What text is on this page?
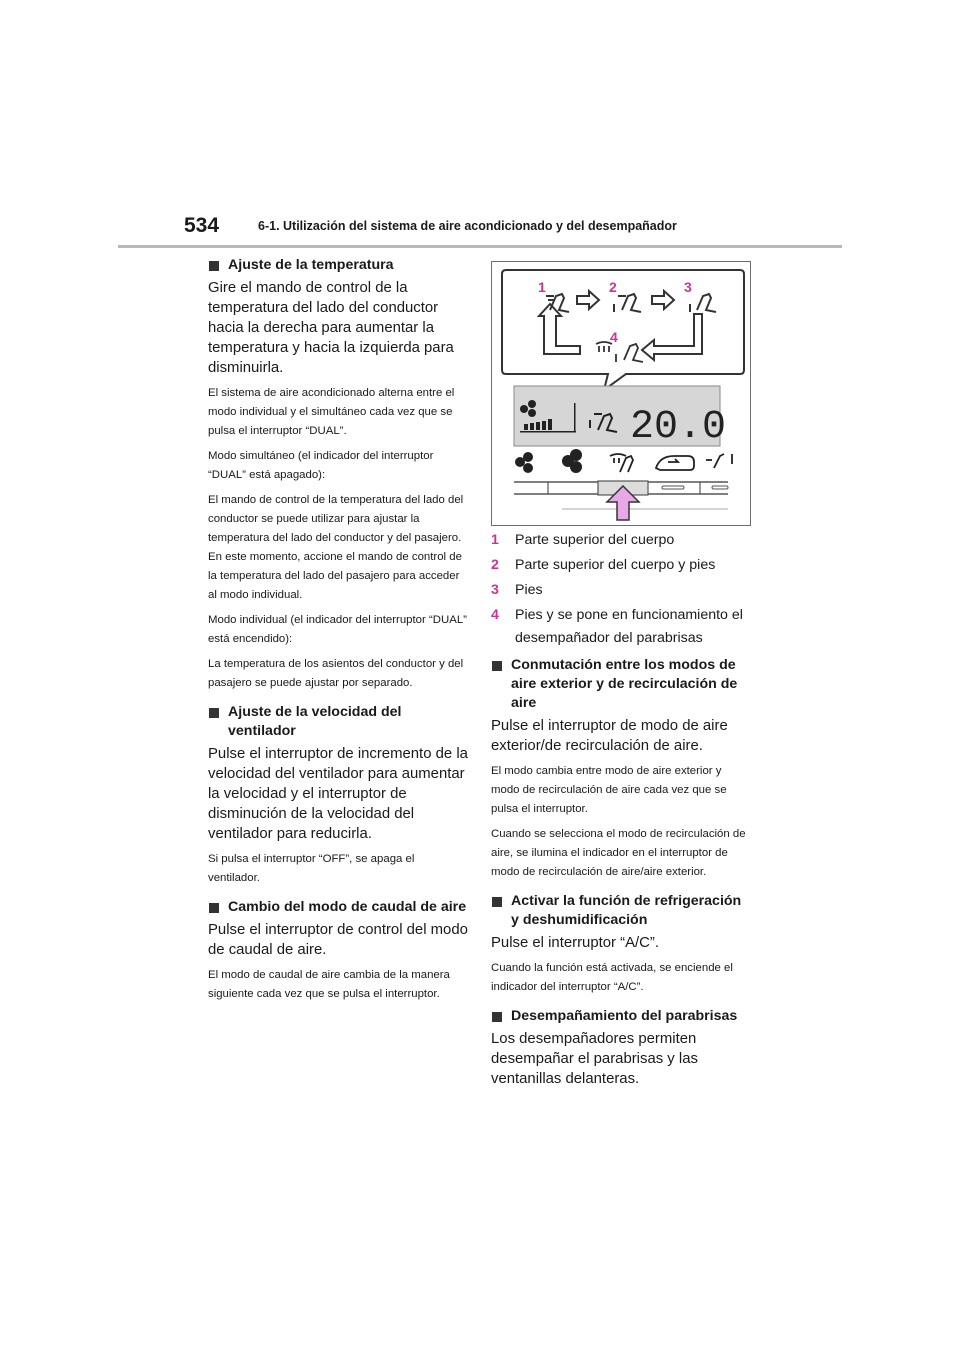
534	6-1. Utilización del sistema de aire acondicionado y del desempañador
Ajuste de la temperatura

Gire el mando de control de la temperatura del lado del conductor hacia la derecha para aumentar la temperatura y hacia la izquierda para disminuirla.

El sistema de aire acondicionado alterna entre el modo individual y el simultáneo cada vez que se pulsa el interruptor “DUAL”.

Modo simultáneo (el indicador del interruptor “DUAL” está apagado):

El mando de control de la temperatura del lado del conductor se puede utilizar para ajustar la temperatura del lado del conductor y del pasajero. En este momento, accione el mando de control de la temperatura del lado del pasajero para acceder al modo individual.

Modo individual (el indicador del interruptor “DUAL” está encendido):

La temperatura de los asientos del conductor y del pasajero se puede ajustar por separado.

Ajuste de la velocidad del ventilador

Pulse el interruptor de incremento de la velocidad del ventilador para aumentar la velocidad y el interruptor de disminución de la velocidad del ventilador para reducirla.

Si pulsa el interruptor “OFF”, se apaga el ventilador.

Cambio del modo de caudal de aire

Pulse el interruptor de control del modo de caudal de aire.

El modo de caudal de aire cambia de la manera siguiente cada vez que se pulsa el interruptor.

1	2	3
4
20.0
1 Parte superior del cuerpo
2 Parte superior del cuerpo y pies
3 Pies
4 Pies y se pone en funcionamiento el desempañador del parabrisas
Conmutación entre los modos de aire exterior y de recirculación de aire

Pulse el interruptor de modo de aire exterior/de recirculación de aire.

El modo cambia entre modo de aire exterior y modo de recirculación de aire cada vez que se pulsa el interruptor.

Cuando se selecciona el modo de recirculación de aire, se ilumina el indicador en el interruptor de modo de recirculación de aire/aire exterior.

Activar la función de refrigeración y deshumidificación

Pulse el interruptor “A/C”.

Cuando la función está activada, se enciende el indicador del interruptor “A/C”.

Desempañamiento del parabrisas

Los desempañadores permiten desempañar el parabrisas y las ventanillas delanteras.
